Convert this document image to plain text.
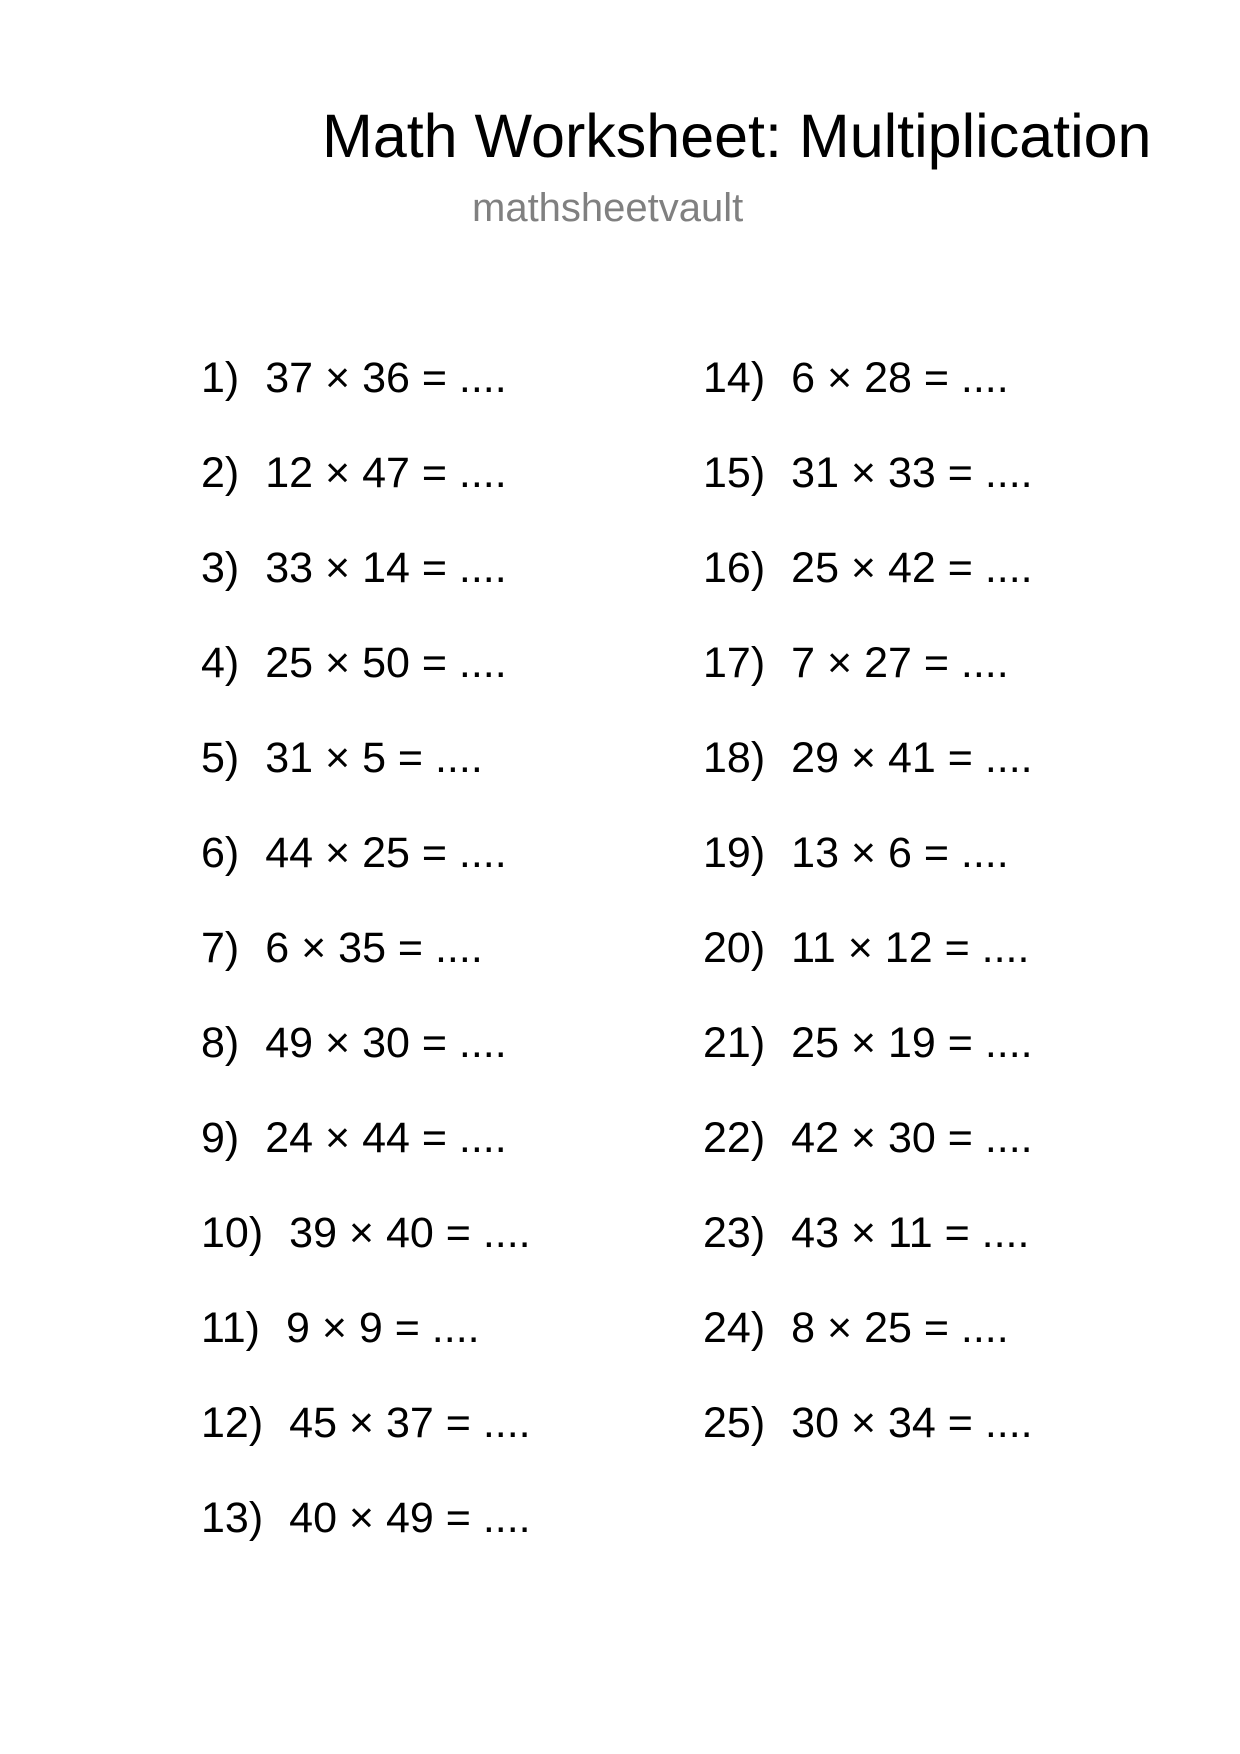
Math Worksheet: Multiplication
mathsheetvault
1) 37 × 36 = ....
2) 12 × 47 = ....
3) 33 × 14 = ....
4) 25 × 50 = ....
5) 31 × 5 = ....
6) 44 × 25 = ....
7) 6 × 35 = ....
8) 49 × 30 = ....
9) 24 × 44 = ....
10) 39 × 40 = ....
11) 9 × 9 = ....
12) 45 × 37 = ....
13) 40 × 49 = ....
14) 6 × 28 = ....
15) 31 × 33 = ....
16) 25 × 42 = ....
17) 7 × 27 = ....
18) 29 × 41 = ....
19) 13 × 6 = ....
20) 11 × 12 = ....
21) 25 × 19 = ....
22) 42 × 30 = ....
23) 43 × 11 = ....
24) 8 × 25 = ....
25) 30 × 34 = ....
